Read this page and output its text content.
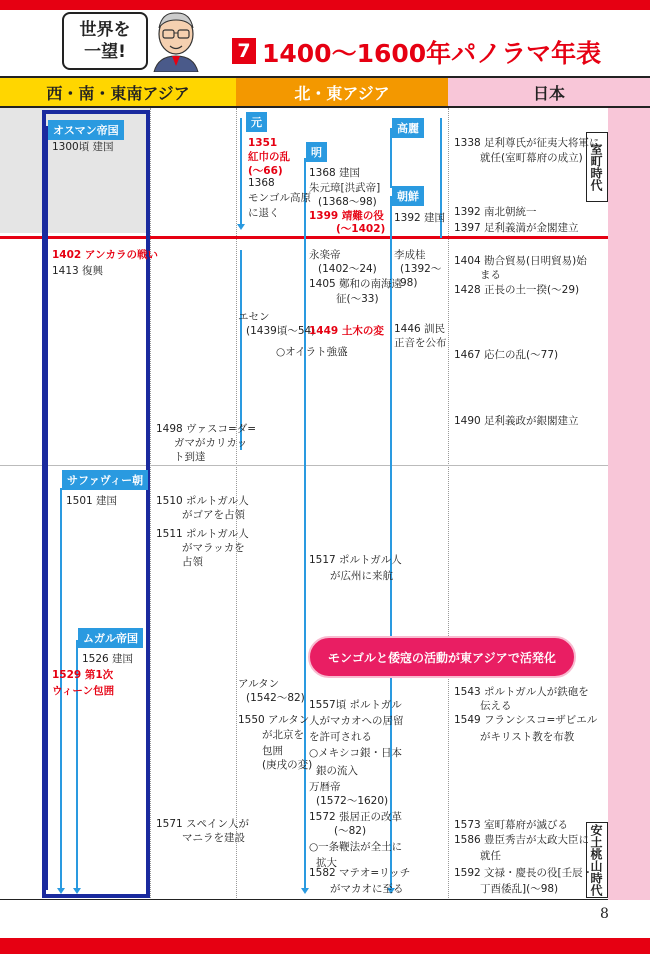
世界を
一望!	7 1400〜1600年パノラマ年表
西・南・東南アジア	北・東アジア	日本
室町時代
安土桃山時代
オスマン帝国
サファヴィー朝
ムガル帝国
元
明
高麗
朝鮮
1300頃 建国
1402 アンカラの戦い
1413 復興
1498 ヴァスコ=ダ=
ガマがカリカッ
ト到達
1501 建国	1510 ポルトガル人
がゴアを占領
1511 ポルトガル人
がマラッカを
占領
1526 建国
1529 第1次
ウィーン包囲
1571 スペイン人が
マニラを建設
1351
紅巾の乱
(〜66)
1368
モンゴル高原
に退く
1368 建国
朱元璋[洪武帝]
(1368〜98)
1399 靖難の役
(〜1402)
1392 建国
永楽帝
(1402〜24)
1405 鄭和の南海遠
征(〜33)
エセン
(1439頃〜54)
1449 土木の変
○オイラト強盛
李成桂
(1392〜
98)
1446 訓民
正音を公布
1517 ポルトガル人
が広州に来航
アルタン
(1542〜82)
1550 アルタン
が北京を
包囲
(庚戌の変)
1557頃 ポルトガル
人がマカオへの居留
を許可される
○メキシコ銀・日本
銀の流入
万暦帝
(1572〜1620)
1572 張居正の改革
(〜82)
○一条鞭法が全土に
拡大
1582 マテオ=リッチ
がマカオに至る
1338 足利尊氏が征夷大将軍に
就任(室町幕府の成立)
1392 南北朝統一
1397 足利義満が金閣建立
1404 勘合貿易(日明貿易)始
まる
1428 正長の土一揆(〜29)
1467 応仁の乱(〜77)
1490 足利義政が銀閣建立
1543 ポルトガル人が鉄砲を
伝える
1549 フランシスコ=ザビエル
がキリスト教を布教
1573 室町幕府が滅びる
1586 豊臣秀吉が太政大臣に
就任
1592 文禄・慶長の役[壬辰・
丁酉倭乱](〜98)
モンゴルと倭寇の活動が東アジアで活発化
8
